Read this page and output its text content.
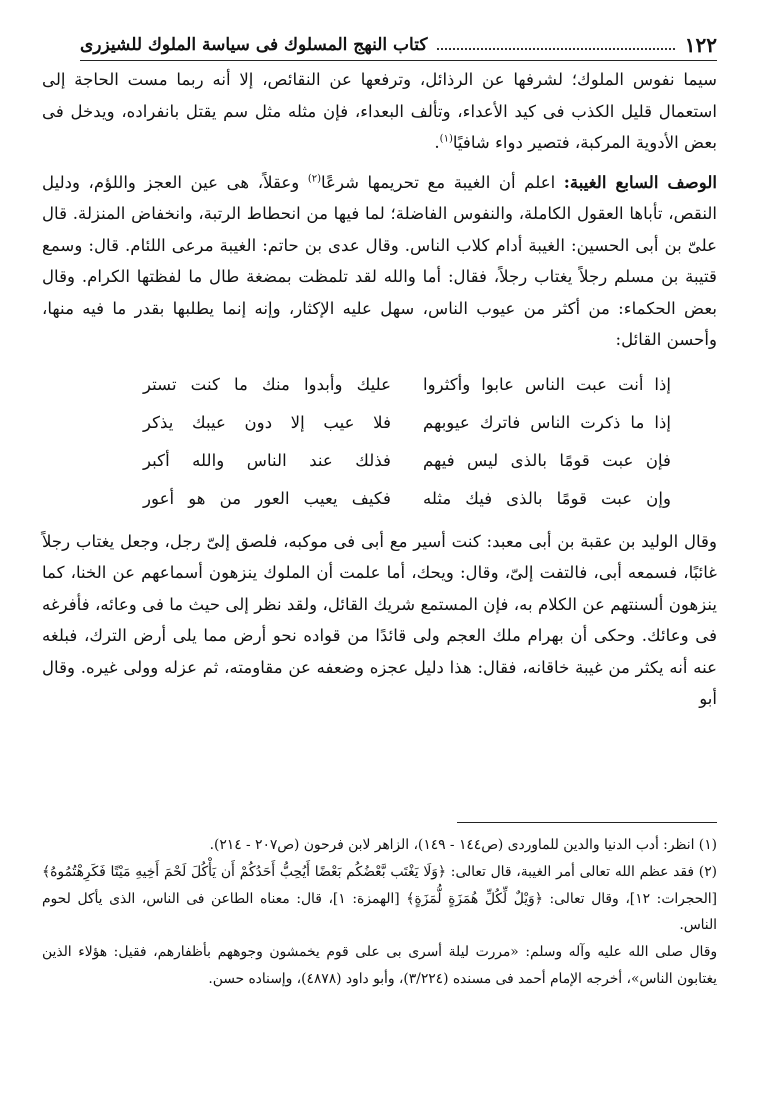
١٢٢
كتاب النهج المسلوك فى سياسة الملوك للشيزرى

سيما نفوس الملوك؛ لشرفها عن الرذائل، وترفعها عن النقائص، إلا أنه ربما مست الحاجة إلى استعمال قليل الكذب فى كيد الأعداء، وتألف البعداء، فإن مثله مثل سم يقتل بانفراده، ويدخل فى بعض الأدوية المركبة، فتصير دواء شافيًا$^{(١)}$.

الوصف السابع الغيبة: اعلم أن الغيبة مع تحريمها شرعًا$^{(٢)}$ وعقلاً، هى عين العجز واللؤم، ودليل النقص، تأباها العقول الكاملة، والنفوس الفاضلة؛ لما فيها من انحطاط الرتبة، وانخفاض المنزلة. قال علىّ بن أبى الحسين: الغيبة أدام كلاب الناس. وقال عدى بن حاتم: الغيبة مرعى اللئام. قال: وسمع قتيبة بن مسلم رجلاً يغتاب رجلاً، فقال: أما والله لقد تلمظت بمضغة طال ما لفظتها الكرام. وقال بعض الحكماء: من أكثر من عيوب الناس، سهل عليه الإكثار، وإنه إنما يطلبها بقدر ما فيه منها، وأحسن القائل:

إذا أنت عبت الناس عابوا وأكثروا
عليك وأبدوا منك ما كنت تستر
إذا ما ذكرت الناس فاترك عيوبهم
فلا عيب إلا دون عيبك يذكر
فإن عبت قومًا بالذى ليس فيهم
فذلك عند الناس والله أكبر
وإن عبت قومًا بالذى فيك مثله
فكيف يعيب العور من هو أعور

وقال الوليد بن عقبة بن أبى معبد: كنت أسير مع أبى فى موكبه، فلصق إلىّ رجل، وجعل يغتاب رجلاً غائبًا، فسمعه أبى، فالتفت إلىّ، وقال: ويحك، أما علمت أن الملوك ينزهون أسماعهم عن الخنا، كما ينزهون ألسنتهم عن الكلام به، فإن المستمع شريك القائل، ولقد نظر إلى حيث ما فى وعائه، فأفرغه فى وعائك. وحكى أن بهرام ملك العجم ولى قائدًا من قواده نحو أرض مما يلى أرض الترك، فبلغه عنه أنه يكثر من غيبة خاقانه، فقال: هذا دليل عجزه وضعفه عن مقاومته، ثم عزله وولى غيره. وقال أبو

(١) انظر: أدب الدنيا والدين للماوردى (ص١٤٤ - ١٤٩)، الزاهر لابن فرحون (ص٢٠٧ - ٢١٤).

(٢) فقد عظم الله تعالى أمر الغيبة، قال تعالى: ﴿وَلَا يَغْتَب بَّعْضُكُم بَعْضًا أَيُحِبُّ أَحَدُكُمْ أَن يَأْكُلَ لَحْمَ أَخِيهِ مَيْتًا فَكَرِهْتُمُوهُ﴾ [الحجرات: ١٢]، وقال تعالى: ﴿وَيْلٌ لِّكُلِّ هُمَزَةٍ لُّمَزَةٍ﴾ [الهمزة: ١]، قال: معناه الطاعن فى الناس، الذى يأكل لحوم الناس.

وقال صلى الله عليه وآله وسلم: «مررت ليلة أسرى بى على قوم يخمشون وجوههم بأظفارهم، فقيل: هؤلاء الذين يغتابون الناس»، أخرجه الإمام أحمد فى مسنده (٣/٢٢٤)، وأبو داود (٤٨٧٨)، وإسناده حسن.
